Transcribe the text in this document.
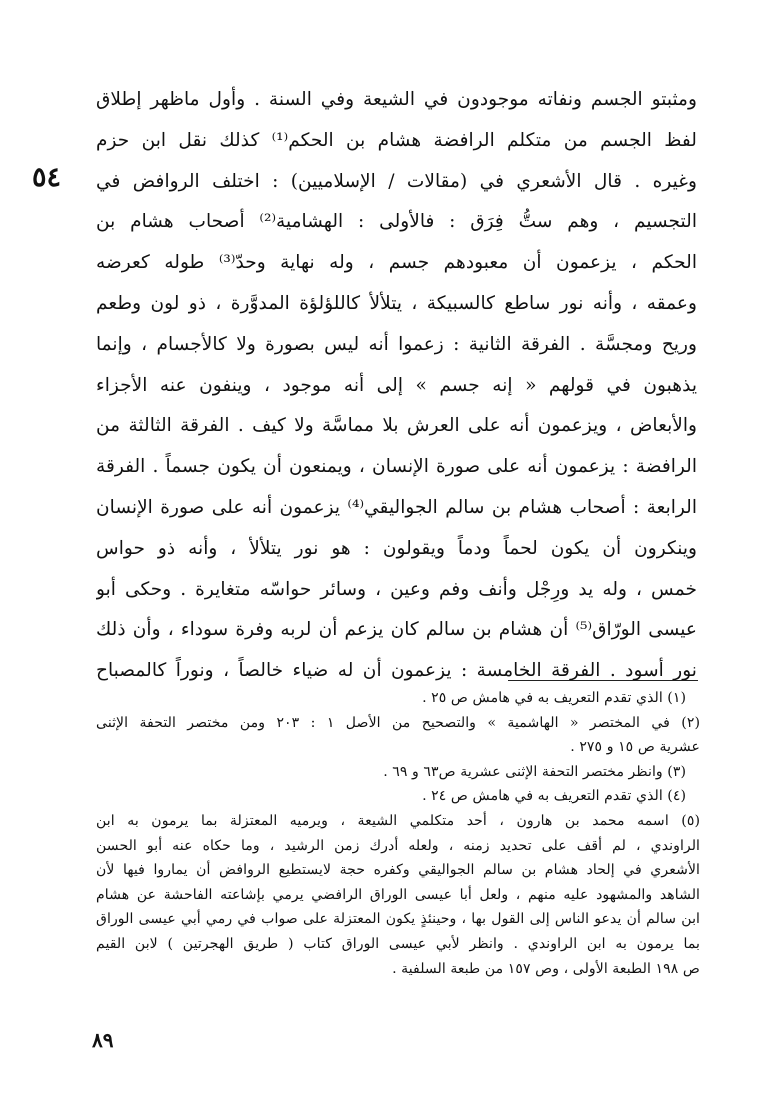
٥٤
ومثبتو الجسم ونفاته موجودون في الشيعة وفي السنة . وأول ماظهر إطلاق
لفظ الجسم من متكلم الرافضة هشام بن الحكم⁽¹⁾ كذلك نقل ابن حزم
وغيره . قال الأشعري في (مقالات / الإسلاميين) : اختلف الروافض في
التجسيم ، وهم ستُّ فِرَق : فالأولى : الهشامية⁽²⁾ أصحاب هشام بن
الحكم ، يزعمون أن معبودهم جسم ، وله نهاية وحدّ⁽³⁾ طوله كعرضه
وعمقه ، وأنه نور ساطع كالسبيكة ، يتلألأ كاللؤلؤة المدوَّرة ، ذو لون وطعم
وريح ومجسَّة . الفرقة الثانية : زعموا أنه ليس بصورة ولا كالأجسام ، وإنما
يذهبون في قولهم « إنه جسم » إلى أنه موجود ، وينفون عنه الأجزاء
والأبعاض ، ويزعمون أنه على العرش بلا مماسَّة ولا كيف . الفرقة الثالثة من
الرافضة : يزعمون أنه على صورة الإنسان ، ويمنعون أن يكون جسماً . الفرقة
الرابعة : أصحاب هشام بن سالم الجواليقي⁽⁴⁾ يزعمون أنه على صورة الإنسان
وينكرون أن يكون لحماً ودماً ويقولون : هو نور يتلألأ ، وأنه ذو حواس
خمس ، وله يد ورِجْل وأنف وفم وعين ، وسائر حواسّه متغايرة . وحكى أبو
عيسى الورّاق⁽⁵⁾ أن هشام بن سالم كان يزعم أن لربه وفرة سوداء ، وأن ذلك
نور أسود . الفرقة الخامسة : يزعمون أن له ضياء خالصاً ، ونوراً كالمصباح
(١) الذي تقدم التعريف به في هامش ص ٢٥ .
(٢) في المختصر « الهاشمية » والتصحيح من الأصل ١ : ٢٠٣ ومن مختصر التحفة الإثنى
عشرية ص ١٥ و ٢٧٥ .
(٣) وانظر مختصر التحفة الإثنى عشرية ص٦٣ و ٦٩ .
(٤) الذي تقدم التعريف به في هامش ص ٢٤ .
(٥) اسمه محمد بن هارون ، أحد متكلمي الشيعة ، ويرميه المعتزلة بما يرمون به ابن
الراوندي ، لم أقف على تحديد زمنه ، ولعله أدرك زمن الرشيد ، وما حكاه عنه أبو الحسن
الأشعري في إلحاد هشام بن سالم الجواليقي وكفره حجة لايستطيع الروافض أن يماروا فيها لأن
الشاهد والمشهود عليه منهم ، ولعل أبا عيسى الوراق الرافضي يرمي بإشاعته الفاحشة عن هشام
ابن سالم أن يدعو الناس إلى القول بها ، وحينئذٍ يكون المعتزلة على صواب في رمي أبي عيسى الوراق
بما يرمون به ابن الراوندي . وانظر لأبي عيسى الوراق كتاب ( طريق الهجرتين ) لابن القيم
ص ١٩٨ الطبعة الأولى ، وص ١٥٧ من طبعة السلفية .
٨٩
